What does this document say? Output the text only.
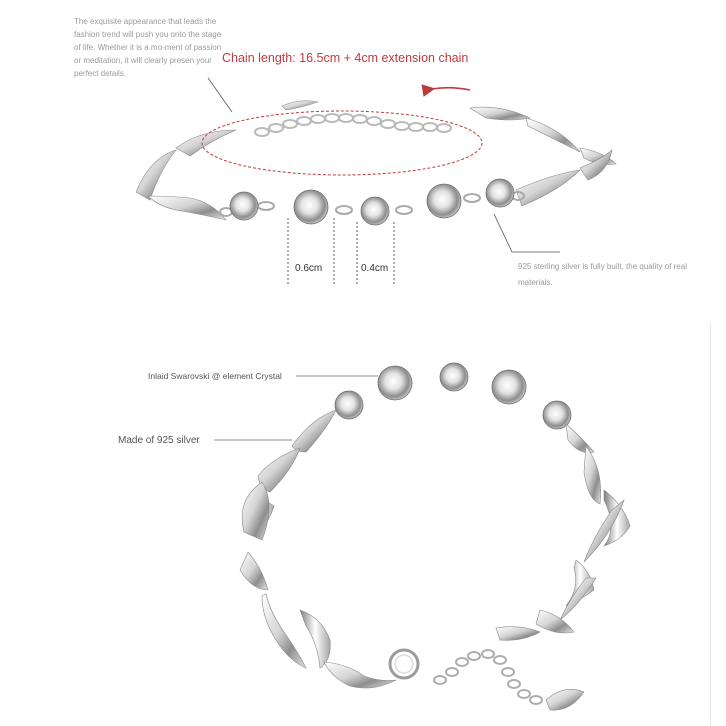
The exquisite appearance that leads the fashion trend will push you onto the stage of life. Whether it is a mo-ment of passion or meditation, it will clearly presen your perfect details.
Chain length: 16.5cm + 4cm extension chain
0.6cm	0.4cm	925 sterling silver is fully built, the quality of real materials.
Inlaid Swarovski @ element Crystal
Made of 925 silver
